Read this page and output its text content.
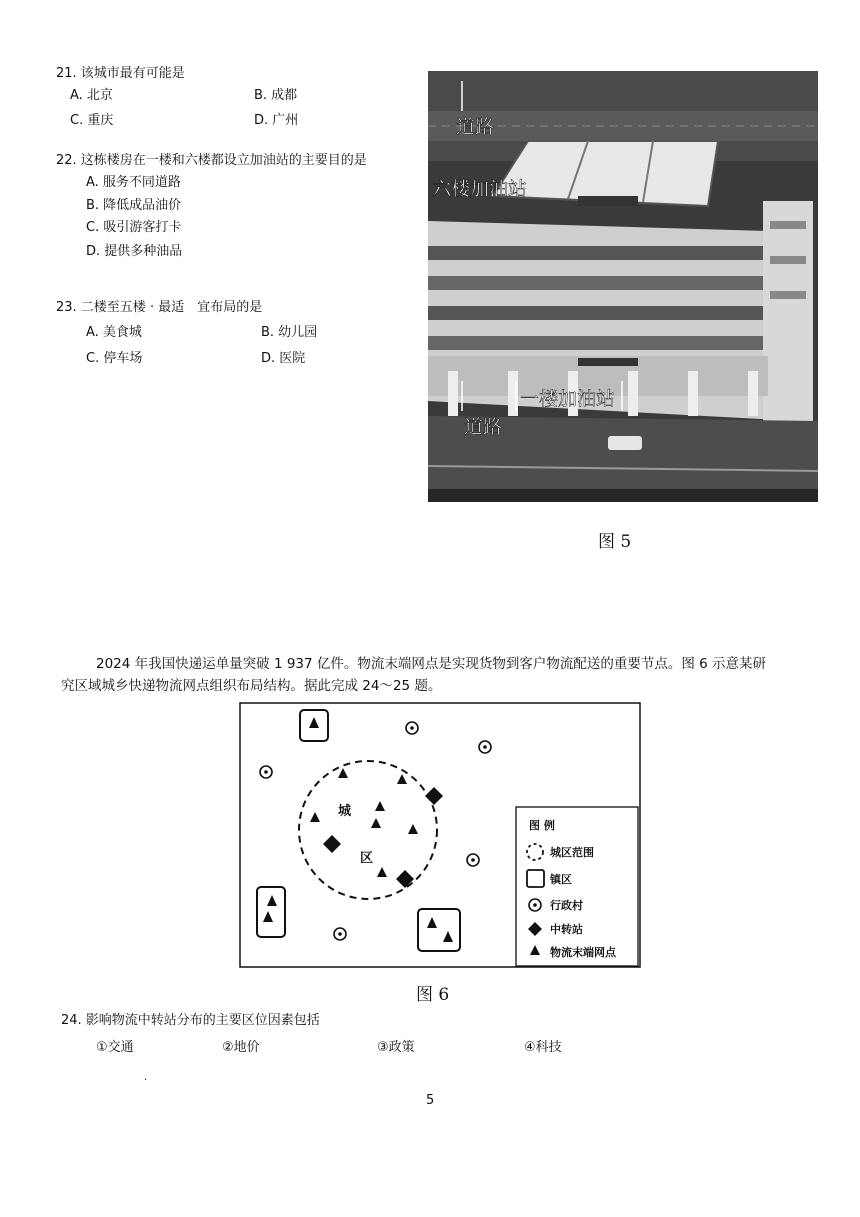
21. 该城市最有可能是
A. 北京	B. 成都
C. 重庆	D. 广州
22. 这栋楼房在一楼和六楼都设立加油站的主要目的是
A. 服务不同道路
B. 降低成品油价
C. 吸引游客打卡
D. 提供多种油品
23. 二楼至五楼 · 最适　宜布局的是
A. 美食城	B. 幼儿园
C. 停车场	D. 医院
道路
六楼加油站
一楼加油站
道路
图 5
2024 年我国快递运单量突破 1 937 亿件。物流末端网点是实现货物到客户物流配送的重要节点。图 6 示意某研
究区域城乡快递物流网点组织布局结构。据此完成 24～25 题。
城
区
图 例
城区范围
镇区
行政村
中转站
物流末端网点
图 6
24. 影响物流中转站分布的主要区位因素包括
①交通	②地价	③政策	④科技
.
5
